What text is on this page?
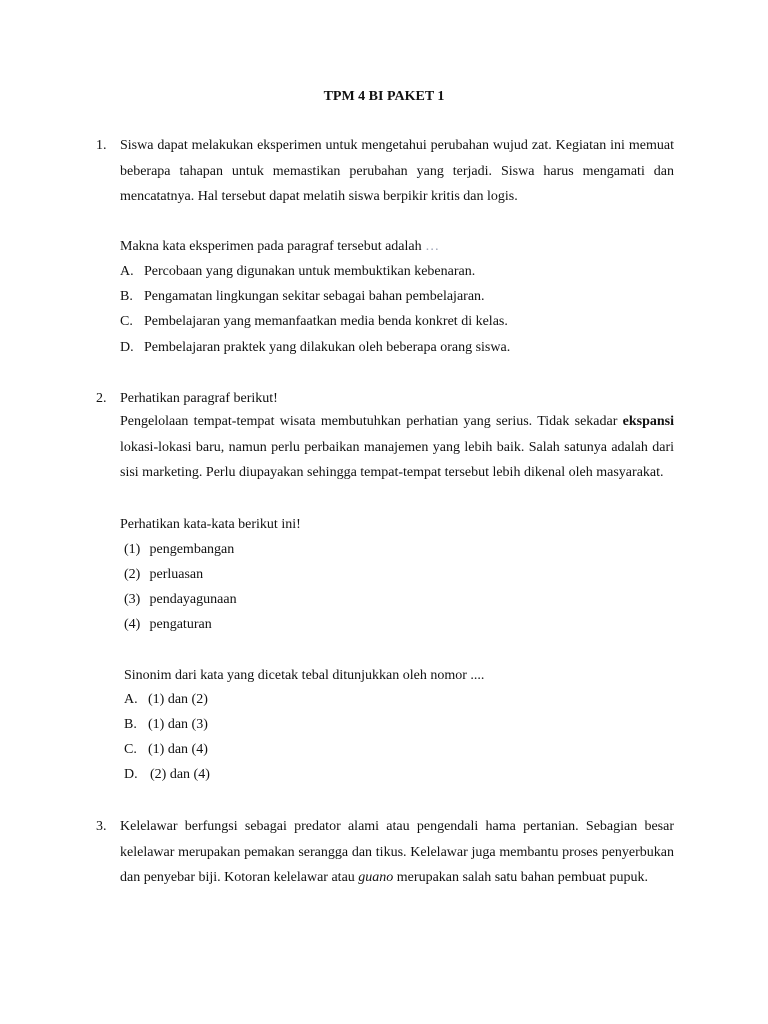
TPM 4 BI PAKET 1
1. Siswa dapat melakukan eksperimen untuk mengetahui perubahan wujud zat. Kegiatan ini memuat beberapa tahapan untuk memastikan perubahan yang terjadi. Siswa harus mengamati dan mencatatnya. Hal tersebut dapat melatih siswa berpikir kritis dan logis.
Makna kata eksperimen pada paragraf tersebut adalah …
A. Percobaan yang digunakan untuk membuktikan kebenaran.
B. Pengamatan lingkungan sekitar sebagai bahan pembelajaran.
C. Pembelajaran yang memanfaatkan media benda konkret di kelas.
D. Pembelajaran praktek yang dilakukan oleh beberapa orang siswa.
2. Perhatikan paragraf berikut!
Pengelolaan tempat-tempat wisata membutuhkan perhatian yang serius. Tidak sekadar ekspansi lokasi-lokasi baru, namun perlu perbaikan manajemen yang lebih baik. Salah satunya adalah dari sisi marketing. Perlu diupayakan sehingga tempat-tempat tersebut lebih dikenal oleh masyarakat.
Perhatikan kata-kata berikut ini!
(1) pengembangan
(2) perluasan
(3) pendayagunaan
(4) pengaturan
Sinonim dari kata yang dicetak tebal ditunjukkan oleh nomor ....
A. (1) dan (2)
B. (1) dan (3)
C. (1) dan (4)
D. (2) dan (4)
3. Kelelawar berfungsi sebagai predator alami atau pengendali hama pertanian. Sebagian besar kelelawar merupakan pemakan serangga dan tikus. Kelelawar juga membantu proses penyerbukan dan penyebar biji. Kotoran kelelawar atau guano merupakan salah satu bahan pembuat pupuk.
